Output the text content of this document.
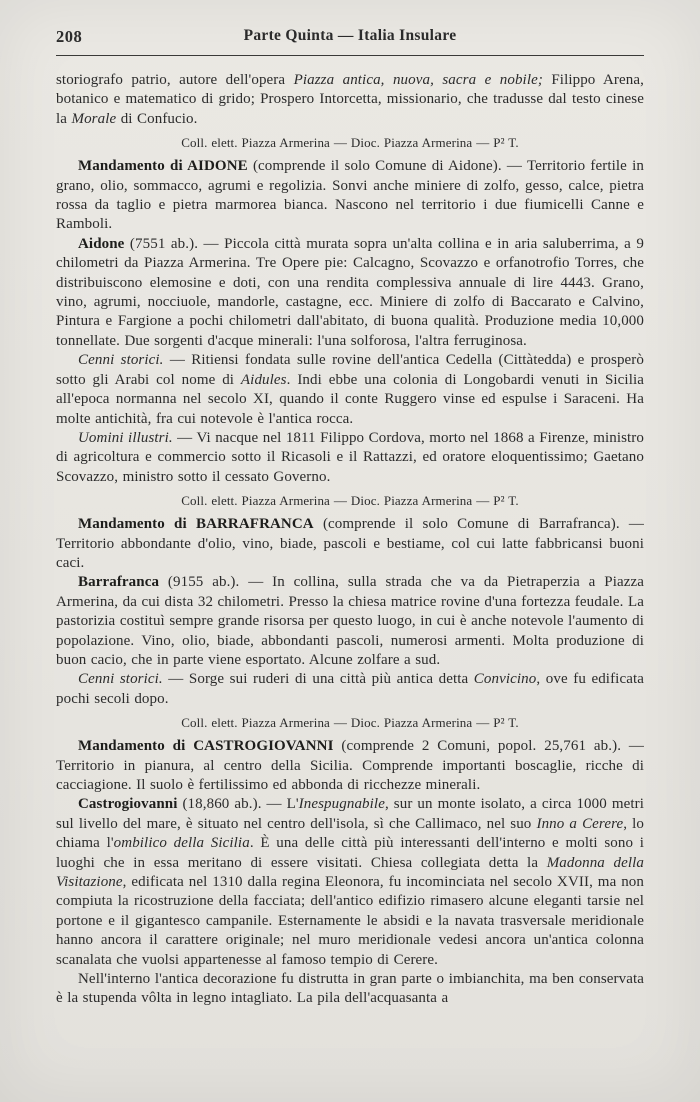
208	Parte Quinta — Italia Insulare

storiografo patrio, autore dell'opera Piazza antica, nuova, sacra e nobile; Filippo Arena, botanico e matematico di grido; Prospero Intorcetta, missionario, che tradusse dal testo cinese la Morale di Confucio.

Coll. elett. Piazza Armerina — Dioc. Piazza Armerina — P² T.

Mandamento di AIDONE (comprende il solo Comune di Aidone). — Territorio fertile in grano, olio, sommacco, agrumi e regolizia. Sonvi anche miniere di zolfo, gesso, calce, pietra rossa da taglio e pietra marmorea bianca. Nascono nel territorio i due fiumicelli Canne e Ramboli.

Aidone (7551 ab.). — Piccola città murata sopra un'alta collina e in aria saluberrima, a 9 chilometri da Piazza Armerina. Tre Opere pie: Calcagno, Scovazzo e orfanotrofio Torres, che distribuiscono elemosine e doti, con una rendita complessiva annuale di lire 4443. Grano, vino, agrumi, nocciuole, mandorle, castagne, ecc. Miniere di zolfo di Baccarato e Calvino, Pintura e Fargione a pochi chilometri dall'abitato, di buona qualità. Produzione media 10,000 tonnellate. Due sorgenti d'acque minerali: l'una solforosa, l'altra ferruginosa.

Cenni storici. — Ritiensi fondata sulle rovine dell'antica Cedella (Cittàtedda) e prosperò sotto gli Arabi col nome di Aidules. Indi ebbe una colonia di Longobardi venuti in Sicilia all'epoca normanna nel secolo XI, quando il conte Ruggero vinse ed espulse i Saraceni. Ha molte antichità, fra cui notevole è l'antica rocca.

Uomini illustri. — Vi nacque nel 1811 Filippo Cordova, morto nel 1868 a Firenze, ministro di agricoltura e commercio sotto il Ricasoli e il Rattazzi, ed oratore eloquentissimo; Gaetano Scovazzo, ministro sotto il cessato Governo.

Coll. elett. Piazza Armerina — Dioc. Piazza Armerina — P² T.

Mandamento di BARRAFRANCA (comprende il solo Comune di Barrafranca). — Territorio abbondante d'olio, vino, biade, pascoli e bestiame, col cui latte fabbricansi buoni caci.

Barrafranca (9155 ab.). — In collina, sulla strada che va da Pietraperzia a Piazza Armerina, da cui dista 32 chilometri. Presso la chiesa matrice rovine d'una fortezza feudale. La pastorizia costituì sempre grande risorsa per questo luogo, in cui è anche notevole l'aumento di popolazione. Vino, olio, biade, abbondanti pascoli, numerosi armenti. Molta produzione di buon cacio, che in parte viene esportato. Alcune zolfare a sud.

Cenni storici. — Sorge sui ruderi di una città più antica detta Convicino, ove fu edificata pochi secoli dopo.

Coll. elett. Piazza Armerina — Dioc. Piazza Armerina — P² T.

Mandamento di CASTROGIOVANNI (comprende 2 Comuni, popol. 25,761 ab.). — Territorio in pianura, al centro della Sicilia. Comprende importanti boscaglie, ricche di cacciagione. Il suolo è fertilissimo ed abbonda di ricchezze minerali.

Castrogiovanni (18,860 ab.). — L'Inespugnabile, sur un monte isolato, a circa 1000 metri sul livello del mare, è situato nel centro dell'isola, sì che Callimaco, nel suo Inno a Cerere, lo chiama l'ombilico della Sicilia. È una delle città più interessanti dell'interno e molti sono i luoghi che in essa meritano di essere visitati. Chiesa collegiata detta la Madonna della Visitazione, edificata nel 1310 dalla regina Eleonora, fu incominciata nel secolo XVII, ma non compiuta la ricostruzione della facciata; dell'antico edifizio rimasero alcune eleganti tarsie nel portone e il gigantesco campanile. Esternamente le absidi e la navata trasversale meridionale hanno ancora il carattere originale; nel muro meridionale vedesi ancora un'antica colonna scanalata che vuolsi appartenesse al famoso tempio di Cerere.

Nell'interno l'antica decorazione fu distrutta in gran parte o imbianchita, ma ben conservata è la stupenda vôlta in legno intagliato. La pila dell'acquasanta a
